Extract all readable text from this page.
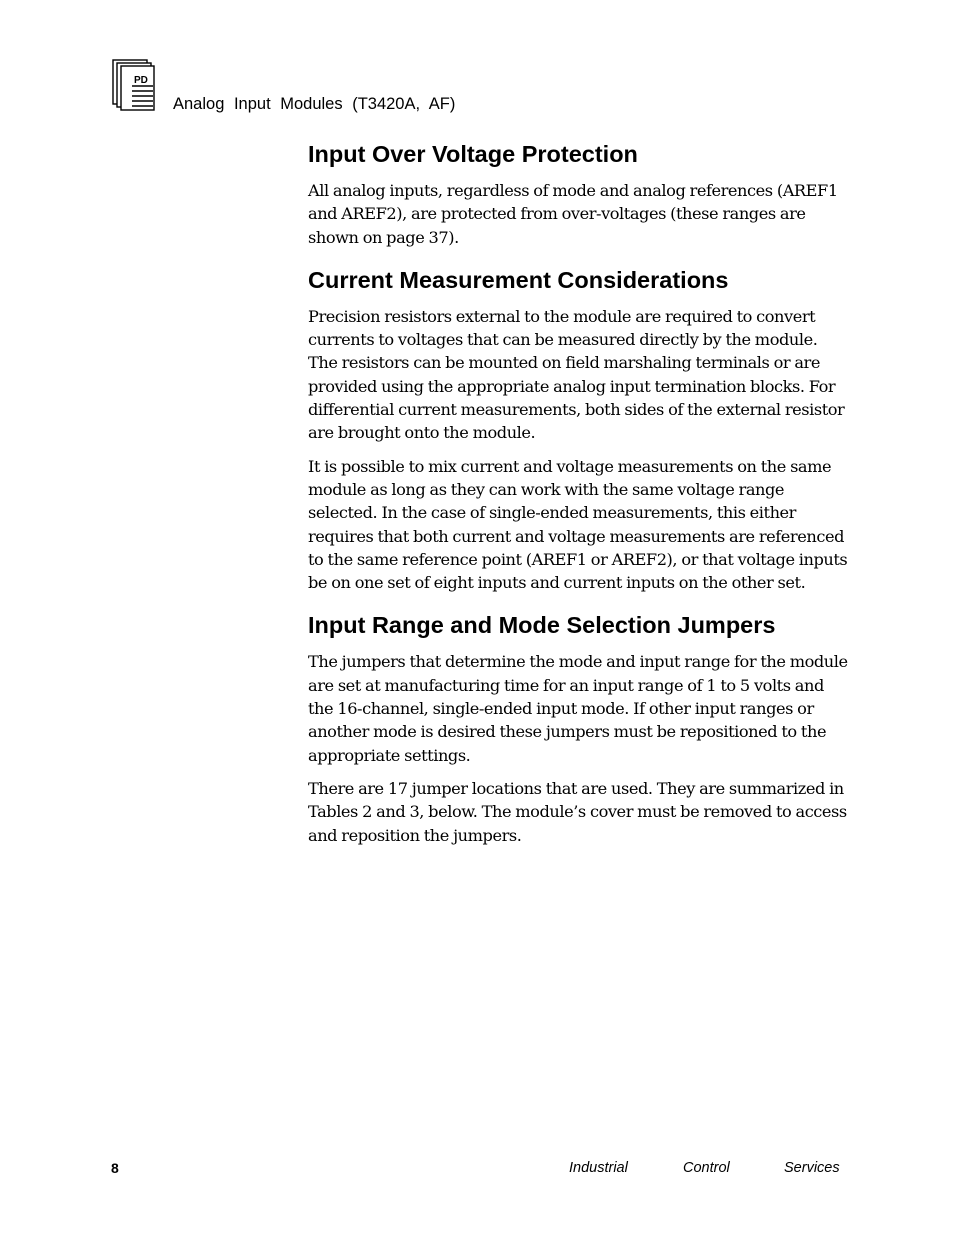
PD
Analog Input Modules (T3420A, AF)
Input Over Voltage Protection

All analog inputs, regardless of mode and analog references (AREF1 and AREF2), are protected from over-voltages (these ranges are shown on page 37).

Current Measurement Considerations

Precision resistors external to the module are required to convert currents to voltages that can be measured directly by the module. The resistors can be mounted on field marshaling terminals or are provided using the appropriate analog input termination blocks. For differential current measurements, both sides of the external resistor are brought onto the module.

It is possible to mix current and voltage measurements on the same module as long as they can work with the same voltage range selected. In the case of single-ended measurements, this either requires that both current and voltage measurements are referenced to the same reference point (AREF1 or AREF2), or that voltage inputs be on one set of eight inputs and current inputs on the other set.

Input Range and Mode Selection Jumpers

The jumpers that determine the mode and input range for the module are set at manufacturing time for an input range of 1 to 5 volts and the 16-channel, single-ended input mode. If other input ranges or another mode is desired these jumpers must be repositioned to the appropriate settings.

There are 17 jumper locations that are used. They are summarized in Tables 2 and 3, below. The module’s cover must be removed to access and reposition the jumpers.

8	Industrial	Control	Services
